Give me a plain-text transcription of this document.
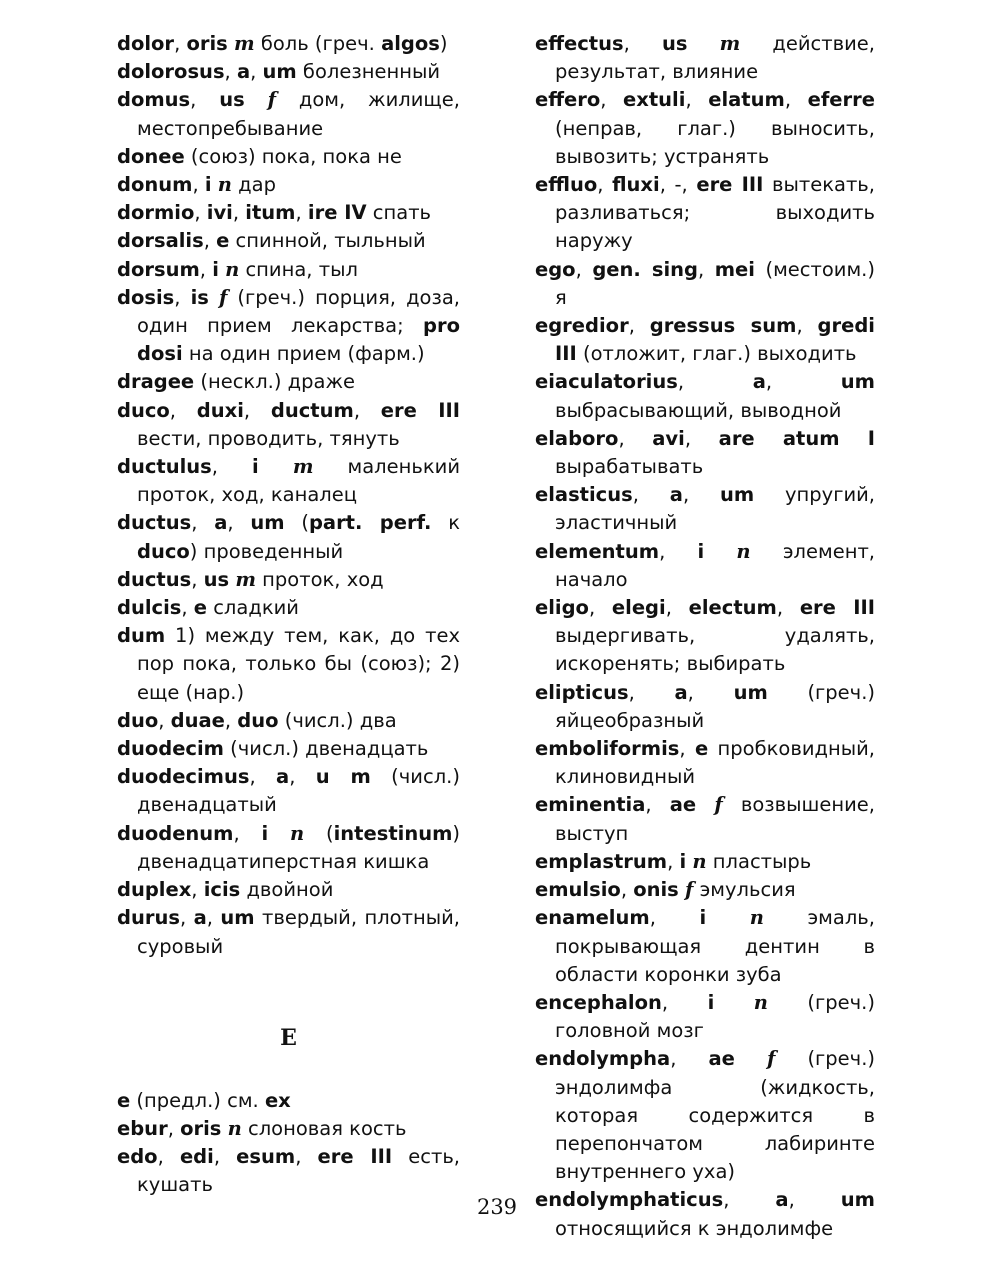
dolor, oris m боль (греч. algos)

dolorosus, a, um болезненный

domus, us f дом, жилище, местопребывание

donee (союз) пока, пока не

donum, i n дар

dormio, ivi, itum, ire IV спать

dorsalis, e спинной, тыльный

dorsum, i n спина, тыл

dosis, is f (греч.) порция, доза, один прием лекарства; pro dosi на один прием (фарм.)

dragee (нескл.) драже

duco, duxi, ductum, ere III вести, проводить, тянуть

ductulus, i m маленький проток, ход, каналец

ductus, a, um (part. perf. к duco) проведенный

ductus, us m проток, ход

dulcis, e сладкий

dum 1) между тем, как, до тех пор пока, только бы (союз); 2) еще (нар.)

duo, duae, duo (числ.) два

duodecim (числ.) двенадцать

duodecimus, a, u m (числ.) двенадцатый

duodenum, i n (intestinum) двенадцатиперстная кишка

duplex, icis двойной

durus, a, um твердый, плотный, суровый

E

e (предл.) см. ex

ebur, oris n слоновая кость

edo, edi, esum, ere III есть, кушать

effectus, us m действие, результат, влияние

effero, extuli, elatum, eferre (неправ, глаг.) выносить, вывозить; устранять

effluo, fluxi, -, ere III вытекать, разливаться; выходить наружу

ego, gen. sing, mei (местоим.) я

egredior, gressus sum, gredi III (отложит, глаг.) выходить

eiaculatorius, a, um выбрасывающий, выводной

elaboro, avi, are atum I вырабатывать

elasticus, a, um упругий, эластичный

elementum, i n элемент, начало

eligo, elegi, electum, ere III выдергивать, удалять, искоренять; выбирать

elipticus, a, um (греч.) яйцеобразный

emboliformis, e пробковидный, клиновидный

eminentia, ae f возвышение, выступ

emplastrum, i n пластырь

emulsio, onis f эмульсия

enamelum, i n эмаль, покрывающая дентин в области коронки зуба

encephalon, i n (греч.) головной мозг

endolympha, ae f (греч.) эндолимфа (жидкость, которая содержится в перепончатом лабиринте внутреннего уха)

endolymphaticus, a, um относящийся к эндолимфе

239
